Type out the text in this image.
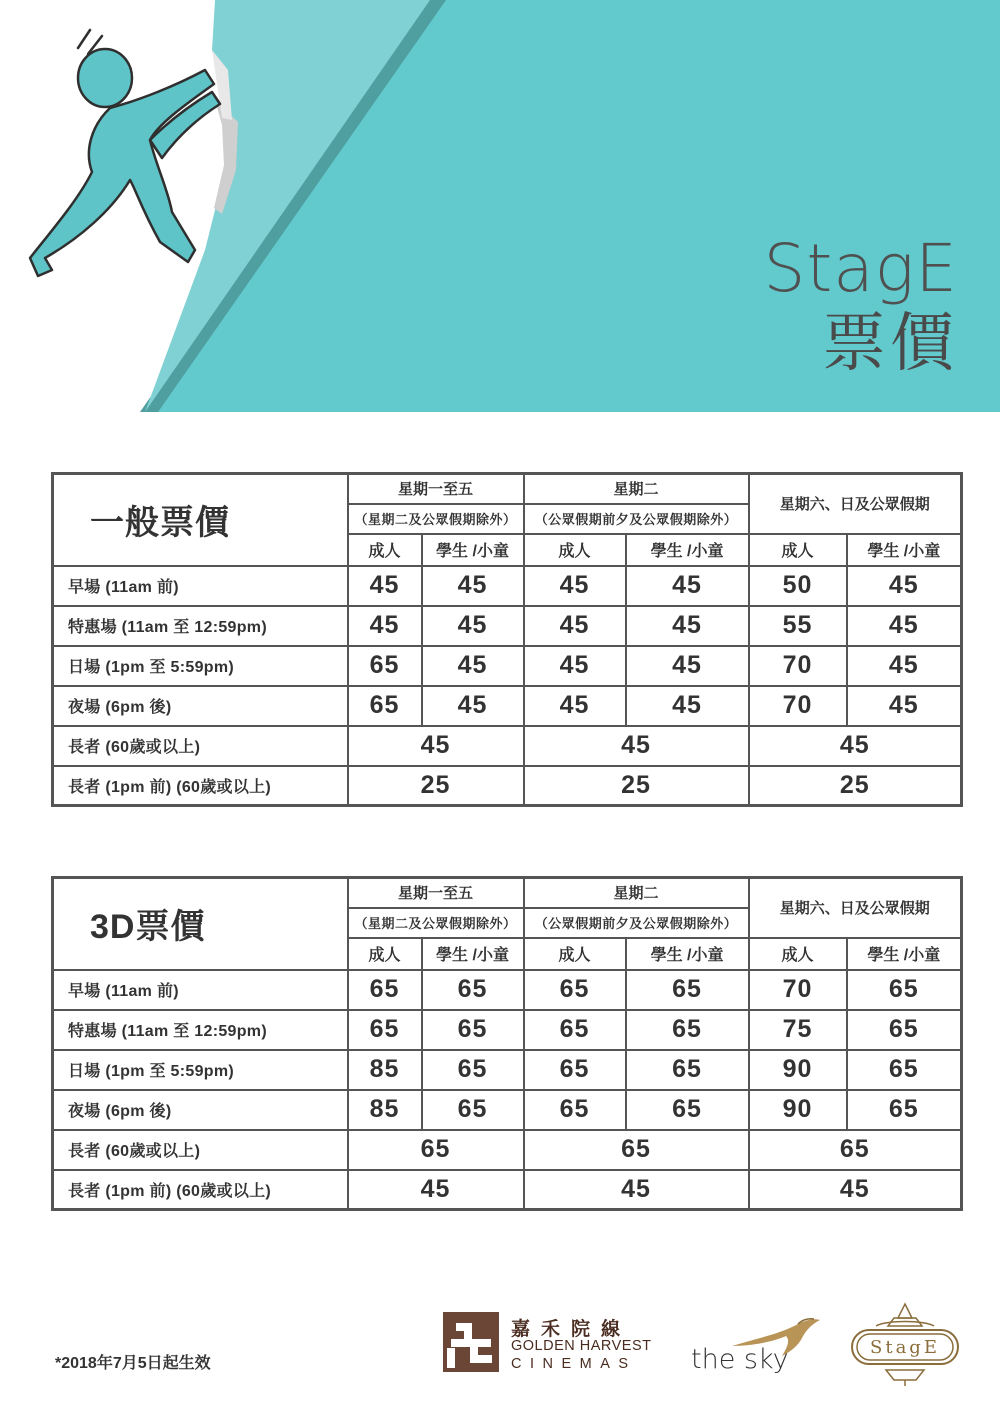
StagE
票價
一般票價	星期一至五		星期二		星期六、日及公眾假期	
	（星期二及公眾假期除外）		（公眾假期前夕及公眾假期除外）			
	成人	學生 /小童	成人	學生 /小童	成人	學生 /小童
早場 (11am 前)	45	45	45	45	50	45
特惠場 (11am 至 12:59pm)	45	45	45	45	55	45
日場 (1pm 至 5:59pm)	65	45	45	45	70	45
夜場 (6pm 後)	65	45	45	45	70	45
長者 (60歲或以上)	45		45		45	
長者 (1pm 前) (60歲或以上)	25		25		25	
3D票價	星期一至五		星期二		星期六、日及公眾假期	
	（星期二及公眾假期除外）		（公眾假期前夕及公眾假期除外）			
	成人	學生 /小童	成人	學生 /小童	成人	學生 /小童
早場 (11am 前)	65	65	65	65	70	65
特惠場 (11am 至 12:59pm)	65	65	65	65	75	65
日場 (1pm 至 5:59pm)	85	65	65	65	90	65
夜場 (6pm 後)	85	65	65	65	90	65
長者 (60歲或以上)	65		65		65	
長者 (1pm 前) (60歲或以上)	45		45		45	
*2018年7月5日起生效
嘉禾院線
GOLDEN HARVEST
CINEMAS the sky	StagE
